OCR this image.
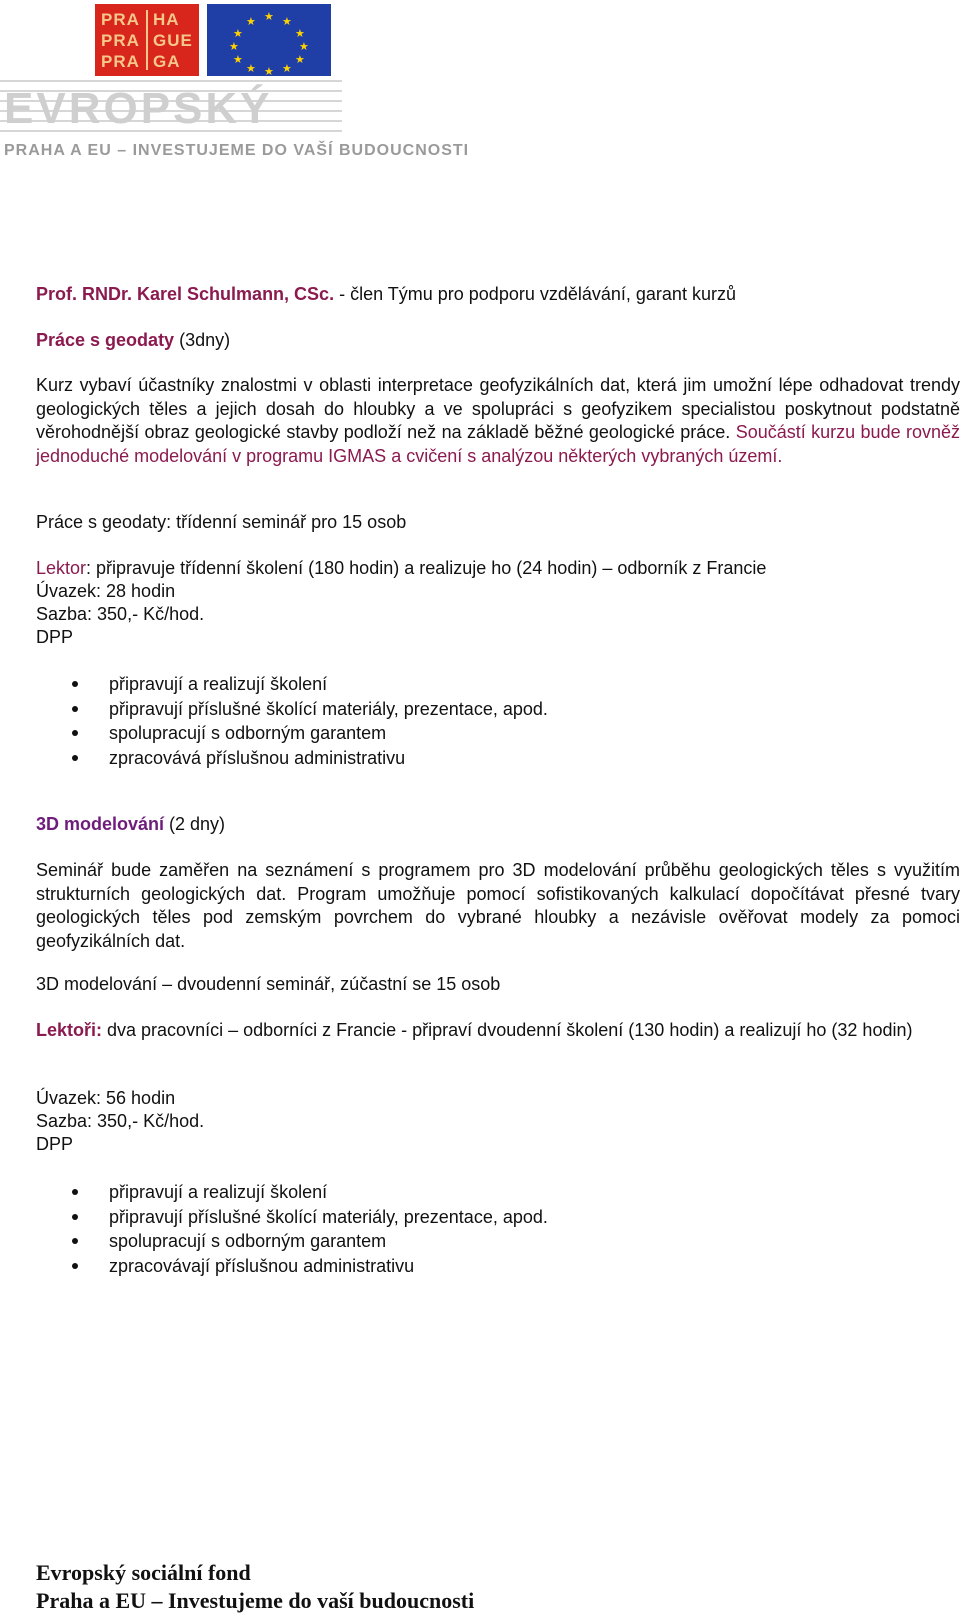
PRA
PRA
PRA
HA
GUE
GA
★ ★
★
★
★
★
★
★
★
★
★
★
EVROPSKÝ
PRAHA A EU – INVESTUJEME DO VAŠÍ BUDOUCNOSTI
Prof. RNDr. Karel Schulmann, CSc. - člen Týmu pro podporu vzdělávání, garant kurzů
Práce s geodaty (3dny)
Kurz vybaví účastníky znalostmi v oblasti interpretace geofyzikálních dat, která jim umožní lépe odhadovat trendy geologických těles a jejich dosah do hloubky a ve spolupráci s geofyzikem specialistou poskytnout podstatně věrohodnější obraz geologické stavby podloží než na základě běžné geologické práce. Součástí kurzu bude rovněž jednoduché modelování v programu IGMAS a cvičení s analýzou některých vybraných území.
Práce s geodaty: třídenní seminář pro 15 osob
Lektor: připravuje třídenní školení (180 hodin) a realizuje ho (24 hodin) – odborník z Francie
Úvazek: 28 hodin
Sazba: 350,- Kč/hod.
DPP
připravují a realizují školení
připravují příslušné školící materiály, prezentace, apod.
spolupracují s odborným garantem
zpracovává příslušnou administrativu
3D modelování (2 dny)
Seminář bude zaměřen na seznámení s programem pro 3D modelování průběhu geologických těles s využitím strukturních geologických dat. Program umožňuje pomocí sofistikovaných kalkulací dopočítávat přesné tvary geologických těles pod zemským povrchem do vybrané hloubky a nezávisle ověřovat modely za pomoci geofyzikálních dat.
3D modelování – dvoudenní seminář, zúčastní se 15 osob
Lektoři: dva pracovníci – odborníci z Francie - připraví dvoudenní školení (130 hodin) a realizují ho (32 hodin)
Úvazek: 56 hodin
Sazba: 350,- Kč/hod.
DPP
připravují a realizují školení
připravují příslušné školící materiály, prezentace, apod.
spolupracují s odborným garantem
zpracovávají příslušnou administrativu
Evropský sociální fond
Praha a EU – Investujeme do vaší budoucnosti
